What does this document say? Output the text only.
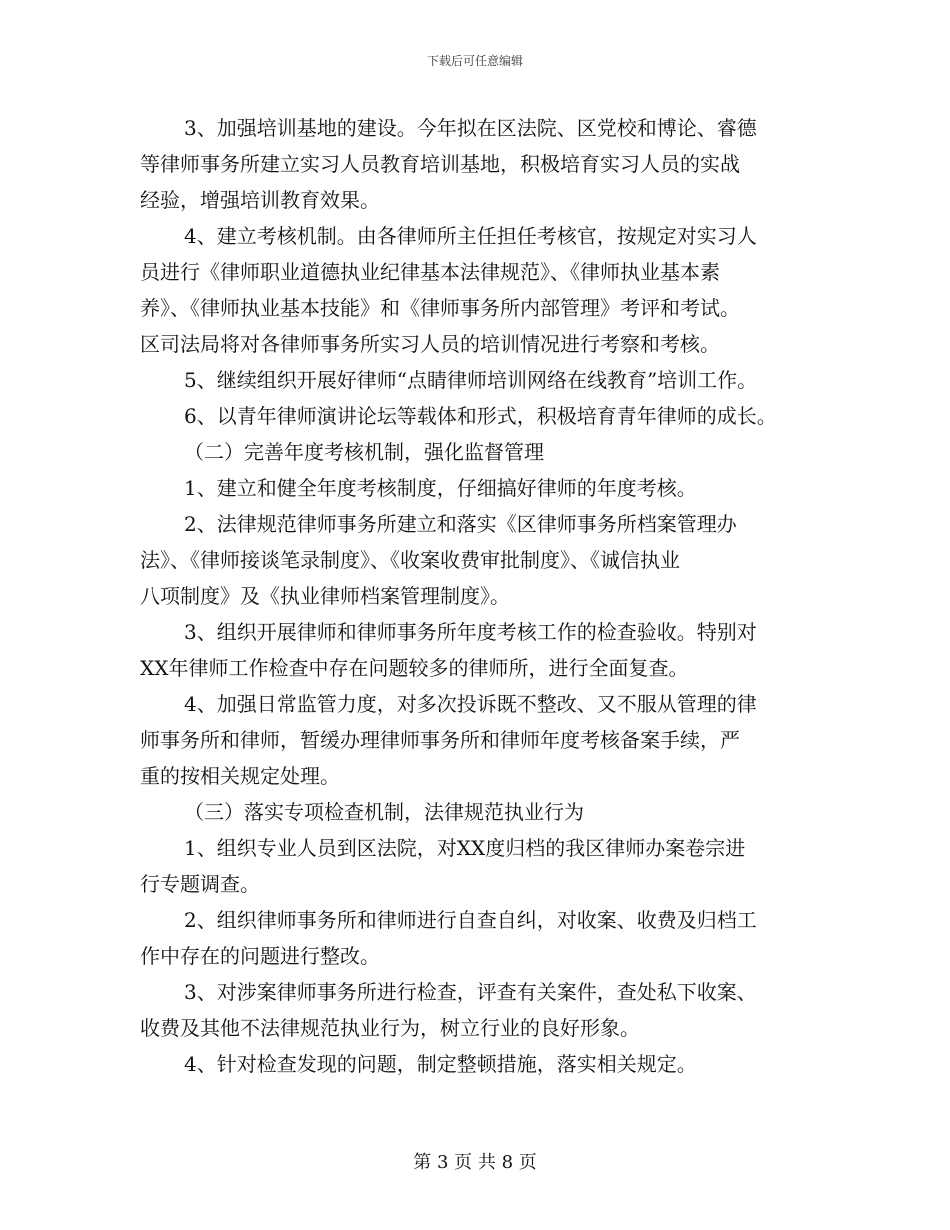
下载后可任意编辑
3、加强培训基地的建设。今年拟在区法院、区党校和博论、睿德
等律师事务所建立实习人员教育培训基地，积极培育实习人员的实战
经验，增强培训教育效果。
4、建立考核机制。由各律师所主任担任考核官，按规定对实习人
员进行《律师职业道德执业纪律基本法律规范》、《律师执业基本素
养》、《律师执业基本技能》和《律师事务所内部管理》考评和考试。
区司法局将对各律师事务所实习人员的培训情况进行考察和考核。
5、继续组织开展好律师“点睛律师培训网络在线教育”培训工作。
6、以青年律师演讲论坛等载体和形式，积极培育青年律师的成长。
（二）完善年度考核机制，强化监督管理
1、建立和健全年度考核制度，仔细搞好律师的年度考核。
2、法律规范律师事务所建立和落实《区律师事务所档案管理办
法》、《律师接谈笔录制度》、《收案收费审批制度》、《诚信执业
八项制度》及《执业律师档案管理制度》。
3、组织开展律师和律师事务所年度考核工作的检查验收。特别对
XX年律师工作检查中存在问题较多的律师所，进行全面复查。
4、加强日常监管力度，对多次投诉既不整改、又不服从管理的律
师事务所和律师，暂缓办理律师事务所和律师年度考核备案手续，严
重的按相关规定处理。
（三）落实专项检查机制，法律规范执业行为
1、组织专业人员到区法院，对XX度归档的我区律师办案卷宗进
行专题调查。
2、组织律师事务所和律师进行自查自纠，对收案、收费及归档工
作中存在的问题进行整改。
3、对涉案律师事务所进行检查，评查有关案件，查处私下收案、
收费及其他不法律规范执业行为，树立行业的良好形象。
4、针对检查发现的问题，制定整顿措施，落实相关规定。
第 3 页 共 8 页
